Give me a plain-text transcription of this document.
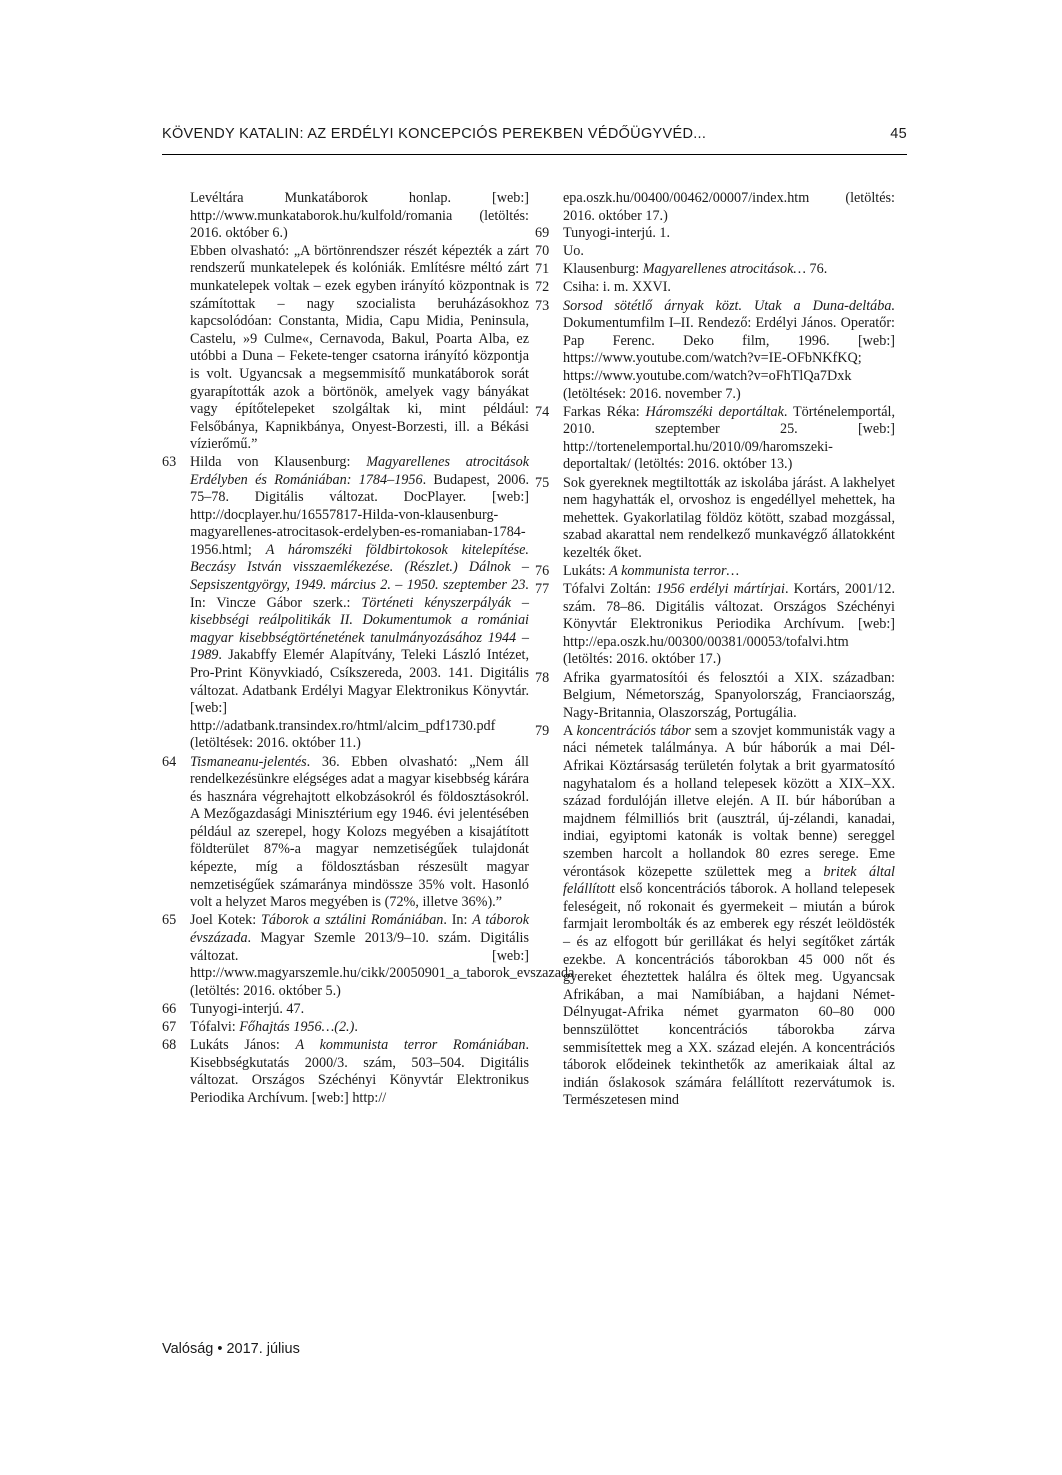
KÖVENDY KATALIN: AZ ERDÉLYI KONCEPCIÓS PEREKBEN VÉDŐÜGYVÉD...	45
Levéltára Munkatáborok honlap. [web:] http://www.munkataborok.hu/kulfold/romania (letöltés: 2016. október 6.)
Ebben olvasható: „A börtönrendszer részét képezték a zárt rendszerű munkatelepek és kolóniák. Említésre méltó zárt munkatelepek voltak – ezek egyben irányító központnak is számítottak – nagy szocialista beruházásokhoz kapcsolódóan: Constanta, Midia, Capu Midia, Peninsula, Castelu, »9 Culme«, Cernavoda, Bakul, Poarta Alba, ez utóbbi a Duna – Fekete-tenger csatorna irányító központja is volt. Ugyancsak a megsemmisítő munkatáborok sorát gyarapították azok a börtönök, amelyek vagy bányákat vagy építőtelepeket szolgáltak ki, mint például: Felsőbánya, Kapnikbánya, Onyest-Borzesti, ill. a Békási vízierőmű.”
63 Hilda von Klausenburg: Magyarellenes atrocitások Erdélyben és Romániában: 1784–1956. Budapest, 2006. 75–78. Digitális változat. DocPlayer. [web:] http://docplayer.hu/16557817-Hilda-von-klausenburg-magyarellenes-atrocitasok-erdelyben-es-romaniaban-1784-1956.html; A háromszéki földbirtokosok kitelepítése. Beczásy István visszaemlékezése. (Részlet.) Dálnok – Sepsiszentgyörgy, 1949. március 2. – 1950. szeptember 23. In: Vincze Gábor szerk.: Történeti kényszerpályák – kisebbségi reálpolitikák II. Dokumentumok a romániai magyar kisebbségtörténetének tanulmányozásához 1944 – 1989. Jakabffy Elemér Alapítvány, Teleki László Intézet, Pro-Print Könyvkiadó, Csíkszereda, 2003. 141. Digitális változat. Adatbank Erdélyi Magyar Elektronikus Könyvtár. [web:] http://adatbank.transindex.ro/html/alcim_pdf1730.pdf (letöltések: 2016. október 11.)
64 Tismaneanu-jelentés. 36. Ebben olvasható: „Nem áll rendelkezésünkre elégséges adat a magyar kisebbség kárára és hasznára végrehajtott elkobzásokról és földosztásokról. A Mezőgazdasági Minisztérium egy 1946. évi jelentésében például az szerepel, hogy Kolozs megyében a kisajátított földterület 87%-a magyar nemzetiségűek tulajdonát képezte, míg a földosztásban részesült magyar nemzetiségűek számaránya mindössze 35% volt. Hasonló volt a helyzet Maros megyében is (72%, illetve 36%).”
65 Joel Kotek: Táborok a sztálini Romániában. In: A táborok évszázada. Magyar Szemle 2013/9–10. szám. Digitális változat. [web:] http://www.magyarszemle.hu/cikk/20050901_a_taborok_evszazada (letöltés: 2016. október 5.)
66 Tunyogi-interjú. 47.
67 Tófalvi: Főhajtás 1956…(2.).
68 Lukáts János: A kommunista terror Romániában. Kisebbségkutatás 2000/3. szám, 503–504. Digitális változat. Országos Széchényi Könyvtár Elektronikus Periodika Archívum. [web:] http://
epa.oszk.hu/00400/00462/00007/index.htm (letöltés: 2016. október 17.)
69 Tunyogi-interjú. 1.
70 Uo.
71 Klausenburg: Magyarellenes atrocitások… 76.
72 Csiha: i. m. XXVI.
73 Sorsod sötétlő árnyak közt. Utak a Duna-deltába. Dokumentumfilm I–II. Rendező: Erdélyi János. Operatőr: Pap Ferenc. Deko film, 1996. [web:] https://www.youtube.com/watch?v=IE-OFbNKfKQ; https://www.youtube.com/watch?v=oFhTlQa7Dxk (letöltések: 2016. november 7.)
74 Farkas Réka: Háromszéki deportáltak. Történelemportál, 2010. szeptember 25. [web:] http://tortenelemportal.hu/2010/09/haromszeki-deportaltak/ (letöltés: 2016. október 13.)
75 Sok gyereknek megtiltották az iskolába járást. A lakhelyet nem hagyhatták el, orvoshoz is engedéllyel mehettek, ha mehettek. Gyakorlatilag földöz kötött, szabad mozgással, szabad akarattal nem rendelkező munkavégző állatokként kezelték őket.
76 Lukáts: A kommunista terror…
77 Tófalvi Zoltán: 1956 erdélyi mártírjai. Kortárs, 2001/12. szám. 78–86. Digitális változat. Országos Széchényi Könyvtár Elektronikus Periodika Archívum. [web:] http://epa.oszk.hu/00300/00381/00053/tofalvi.htm (letöltés: 2016. október 17.)
78 Afrika gyarmatosítói és felosztói a XIX. században: Belgium, Németország, Spanyolország, Franciaország, Nagy-Britannia, Olaszország, Portugália.
79 A koncentrációs tábor sem a szovjet kommunisták vagy a náci németek találmánya. A búr háborúk a mai Dél-Afrikai Köztársaság területén folytak a brit gyarmatosító nagyhatalom és a holland telepesek között a XIX–XX. század fordulóján illetve elején. A II. búr háborúban a majdnem félmilliós brit (ausztrál, új-zélandi, kanadai, indiai, egyiptomi katonák is voltak benne) sereggel szemben harcolt a hollandok 80 ezres serege. Eme vérontások közepette születtek meg a britek által felállított első koncentrációs táborok. A holland telepesek feleségeit, nő rokonait és gyermekeit – miután a búrok farmjait lerombolták és az emberek egy részét leöldösték – és az elfogott búr gerillákat és helyi segítőket zárták ezekbe. A koncentrációs táborokban 45 000 nőt és gyereket éheztettek halálra és öltek meg. Ugyancsak Afrikában, a mai Namíbiában, a hajdani Német-Délnyugat-Afrika német gyarmaton 60–80 000 bennszülöttet koncentrációs táborokba zárva semmisítettek meg a XX. század elején. A koncentrációs táborok elődeinek tekinthetők az amerikaiak által az indián őslakosok számára felállított rezervátumok is. Természetesen mind
Valóság • 2017. július
